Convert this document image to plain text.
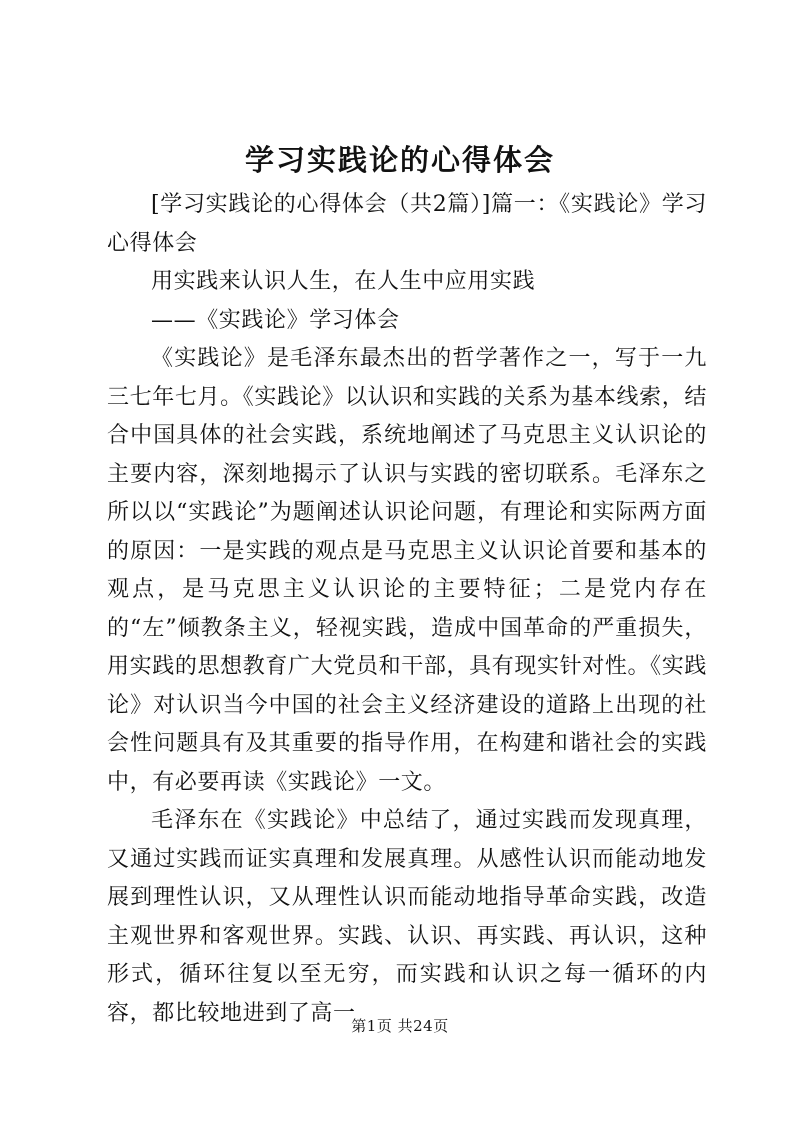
学习实践论的心得体会

[学习实践论的心得体会（共2篇）]篇一：《实践论》学习心得体会

用实践来认识人生，在人生中应用实践

——《实践论》学习体会

《实践论》是毛泽东最杰出的哲学著作之一，写于一九三七年七月。《实践论》以认识和实践的关系为基本线索，结合中国具体的社会实践，系统地阐述了马克思主义认识论的主要内容，深刻地揭示了认识与实践的密切联系。毛泽东之所以以“实践论”为题阐述认识论问题，有理论和实际两方面的原因：一是实践的观点是马克思主义认识论首要和基本的观点，是马克思主义认识论的主要特征；二是党内存在的“左”倾教条主义，轻视实践，造成中国革命的严重损失，用实践的思想教育广大党员和干部，具有现实针对性。《实践论》对认识当今中国的社会主义经济建设的道路上出现的社会性问题具有及其重要的指导作用，在构建和谐社会的实践中，有必要再读《实践论》一文。

毛泽东在《实践论》中总结了，通过实践而发现真理，又通过实践而证实真理和发展真理。从感性认识而能动地发展到理性认识，又从理性认识而能动地指导革命实践，改造主观世界和客观世界。实践、认识、再实践、再认识，这种形式，循环往复以至无穷，而实践和认识之每一循环的内容，都比较地进到了高一

第1页 共24页
